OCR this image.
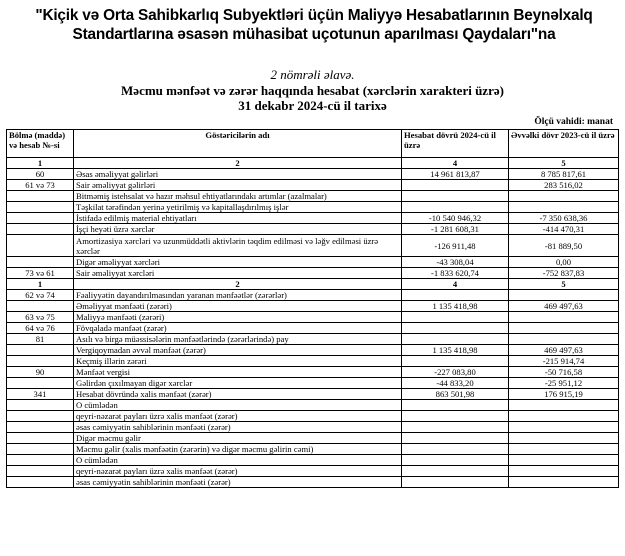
"Kiçik və Orta Sahibkarlıq Subyektləri üçün Maliyyə Hesabatlarının Beynəlxalq
Standartlarına əsasən mühasibat uçotunun aparılması Qaydaları"na
2 nömrəli əlavə.
Məcmu mənfəət və zərər haqqında hesabat (xərclərin xarakteri üzrə)
31 dekabr 2024-cü il tarixə
Ölçü vahidi: manat
Bölmə (maddə) və hesab №-si	Göstəricilərin adı	Hesabat dövrü 2024-cü il üzrə	Əvvəlki dövr 2023-cü il üzrə
1	2	4	5
60	Əsas əməliyyat gəlirləri	14 961 813,87	8 785 817,61
61 və 73	Sair əməliyyat gəlirləri		283 516,02
	Bitməmiş istehsalat və hazır məhsul ehtiyatlarındakı artımlar (azalmalar)		
	Təşkilat tərəfindən yerinə yetirilmiş və kapitallaşdırılmış işlər		
	İstifadə edilmiş material ehtiyatları	-10 540 946,32	-7 350 638,36
	İşçi heyəti üzrə xərclər	-1 281 608,31	-414 470,31
	Amortizasiya xərcləri və uzunmüddətli aktivlərin təqdim edilməsi və ləğv edilməsi üzrə xərclər	-126 911,48	-81 889,50
	Digər əməliyyat xərcləri	-43 308,04	0,00
73 və 61	Sair əməliyyat xərcləri	-1 833 620,74	-752 837,83
1	2	4	5
62 və 74	Fəaliyyətin dayandırılmasından yaranan mənfəətlər (zərərlər)		
	Əməliyyat mənfəəti (zərəri)	1 135 418,98	469 497,63
63 və 75	Maliyyə mənfəəti (zərəri)		
64 və 76	Fövqəladə mənfəət (zərər)		
81	Asılı və birgə müəssisələrin mənfəətlərində (zərərlərində) pay		
	Vergiqoymadan əvvəl mənfəət (zərər)	1 135 418,98	469 497,63
	Keçmiş illərin zərəri		-215 914,74
90	Mənfəət vergisi	-227 083,80	-50 716,58
	Gəlirdən çıxılmayan digər xərclər	-44 833,20	-25 951,12
341	Hesabat dövründə xalis mənfəət (zərər)	863 501,98	176 915,19
	O cümlədən		
	qeyri-nəzarət payları üzrə xalis mənfəət (zərər)		
	əsas cəmiyyətin sahiblərinin mənfəəti (zərər)		
	Digər məcmu gəlir		
	Məcmu gəlir (xalis mənfəətin (zərərin) və digər məcmu gəlirin cəmi)		
	O cümlədən		
	qeyri-nəzarət payları üzrə xalis mənfəət (zərər)		
	əsas cəmiyyətin sahiblərinin mənfəəti (zərər)		
